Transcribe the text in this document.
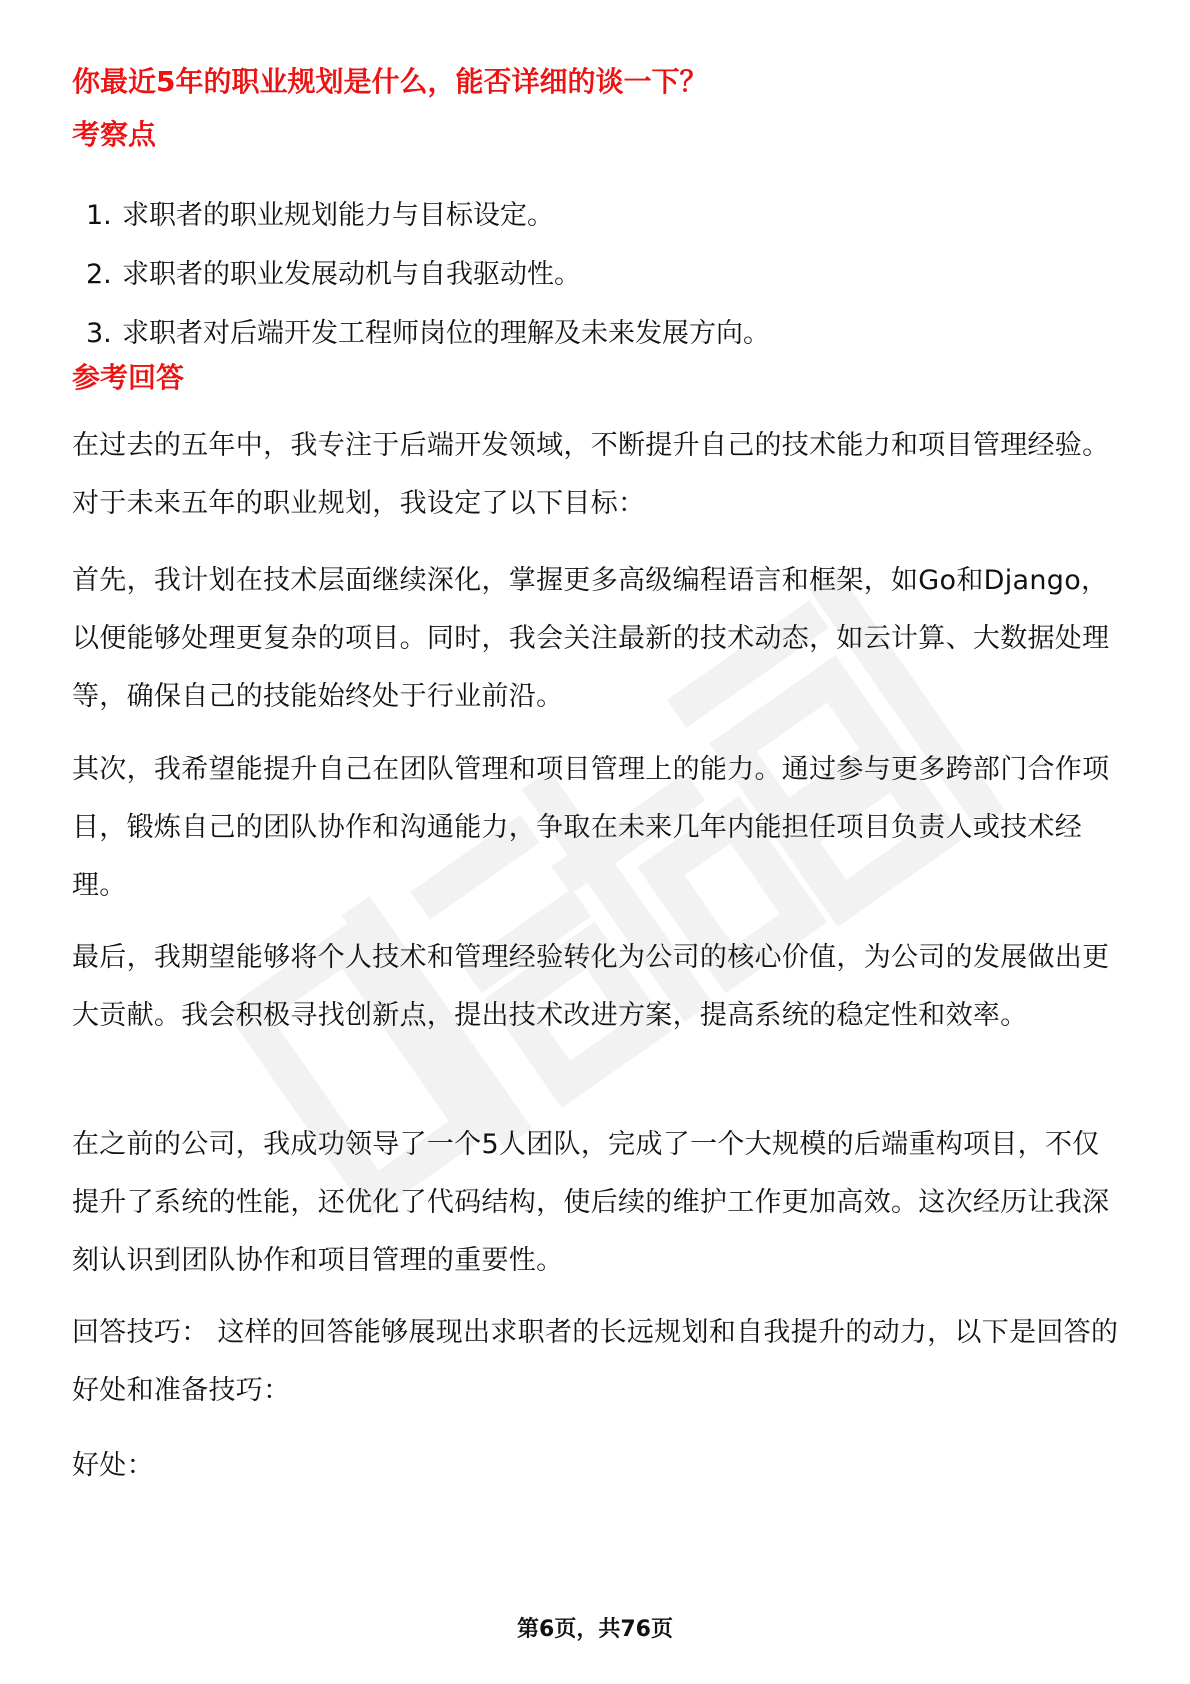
你最近5年的职业规划是什么，能否详细的谈一下？
考察点
1. 求职者的职业规划能力与目标设定。
2. 求职者的职业发展动机与自我驱动性。
3. 求职者对后端开发工程师岗位的理解及未来发展方向。
参考回答

在过去的五年中，我专注于后端开发领域，不断提升自己的技术能力和项目管理经验。对于未来五年的职业规划，我设定了以下目标：

首先，我计划在技术层面继续深化，掌握更多高级编程语言和框架，如Go和Django，以便能够处理更复杂的项目。同时，我会关注最新的技术动态，如云计算、大数据处理等，确保自己的技能始终处于行业前沿。

其次，我希望能提升自己在团队管理和项目管理上的能力。通过参与更多跨部门合作项目，锻炼自己的团队协作和沟通能力，争取在未来几年内能担任项目负责人或技术经理。

最后，我期望能够将个人技术和管理经验转化为公司的核心价值，为公司的发展做出更大贡献。我会积极寻找创新点，提出技术改进方案，提高系统的稳定性和效率。

在之前的公司，我成功领导了一个5人团队，完成了一个大规模的后端重构项目，不仅提升了系统的性能，还优化了代码结构，使后续的维护工作更加高效。这次经历让我深刻认识到团队协作和项目管理的重要性。

回答技巧： 这样的回答能够展现出求职者的长远规划和自我提升的动力，以下是回答的好处和准备技巧：

好处：

第6页，共76页
